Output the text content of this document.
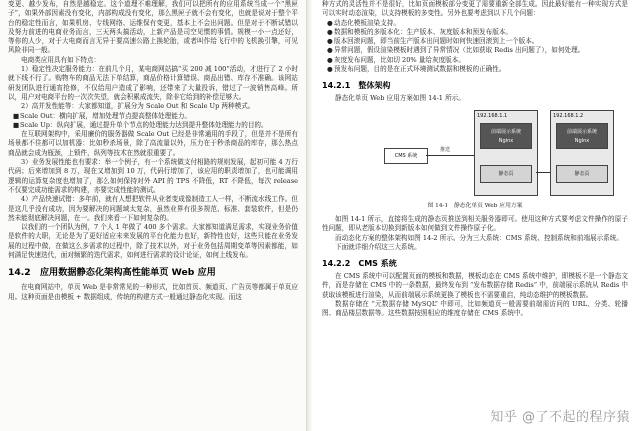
变更、越少发布，自然是越稳定。这个道理不难理解，我们可以把所有的应用系统当成一个“黑匣子”，如果外部因素没有变化，内部构成没有变化，那么黑匣子就不会有变化，也就是说对于整个平台的稳定性而言，如果机房、专线网络、运维保有变更，基本上不会出问题。但是对于不断试错以及努力前进的电商业务而言，三天两头搞活动，上新产品是司空见惯的事情。规模一小一点还好，等你的人少，对于大电商而言无异于要高速公路上换轮胎，或者叫作给飞行中的飞机换引擎，可见风险非同一般。

电商类应用具有如下特点：

1）稳定性决定服务能力：在前几个月，某电商网站搞“买 200 减 100”活动，才进行了 2 小时就下线不行了。购物车的商品无法下单结算，商品价格计算错误、商品出错、库存不准确。该网站研发团队进行通宵抢修，不仅给用户造成了影响，还带来了大量投诉，错过了一波销售高峰。所以，用户对电商平台的一次次失望，就会积累成流失，除非它给到的补偿足够大。

2）高并发性能等：大家都知道，扩展分为 Scale Out 和 Scale Up 两种模式。

■Scale Out：横向扩展，增加处理节点提高整体处理能力。

■Scale Up：纵向扩展，通过提升单个节点的处理能力达到提升整体处理能力的目的。

在互联网架构中，采用廉价的服务器做 Scale Out 已经是非常通用的手段了，但是并不是所有场景都不住都可以加机器：比如秒杀场景，除了高流量以外，压力在于秒杀商品的库存，那么热点商品就会成为瓶颈，上锁件，纵列等技术在然就很重要了。

3）业务发展性能也有要求：举一个例子，有一个系统做支付相路的规则发展，起初可能 4 万行代码；后来增加到 8 万，现在又增加到 10 万，代码行增加了，该应用的职责增加了，也可能调用逻辑的运算复杂度也增加了，那么如何保持对外 API 的 TPS 不降低，RT 不降低，每次 release 不仅要完成功能需求的构建，亦要完成性能的测试。

4）产品快速试错：多年前，就有人想把软件从业者变成像制造工人一样，不断流水线工作。但是这几乎没有成功，因为要解决的问题域太复杂，虽然业界有很多规范、标准、套装软件，但是仍然未能彻底解决问题，在一。我们来看一下如何复杂的。

以我们的一个团队为例，7 个人 1 年做了 400 多个需求。大家都知道满足需求，实现业务价值是软件的大职，无论是为了更好适应未来发展的平台化能力也好，新特性也好，这些只能在业务发展的过程中做，在做这么多需求的过程中，除了技术以外，对于业务包括周期变革等因素都能，如何满足快速迭代，面对频繁的迭代需求，如何进行需求的设计论证，如何上线发布。

14.2　应用数据静态化架构高性能单页 Web 应用

在电商网站中，单页 Web 是非常常见的一种形式，比如首页、频道页、广告页等都属于单页应用。这种页面是由模板 + 数据组成，传统的构建方式一般通过静态化实现。而这

种方式的灵活性并不是很好，比如页面模板部分变更了需要重新全部生成。因此最好能有一种实现方式是可以实时动态渲染，以支持模板的多变性。另外也要考虑到以下几个问题：

●动态化模板渲染支持。

●数据和模板的多版本化：生产版本、灰度版本和预发布版本。

●版本回滚问题，即当前生产版本出问题时如何快速回滚到上一个版本。

●异常问题，假设渲染模板时遇到了异常情况（比如获取 Redis 出问题了），如何处理。

●灰度发布问题，比如切 20% 量给灰度版本。

●预发布问题，目的是在正式环境测试数据和模板的正确性。

14.2.1　整体架构

静态化单页 Web 应用方案如图 14-1 所示。

CMS 系统
推送
192.168.1.1
前端展示系统
Nginx
静态页
192.168.1.2
前端展示系统
Nginx
静态页

图 14-1　静态化单页 Web 应用方案

如图 14-1 所示，直接将生成的静态页推送到相关服务器即可。使用这种方式要考虑文件操作的原子性问题，即从老版本切换到新版本如何做到文件操作原子化。

而动态化方案的整体架构如图 14-2 所示。分为三大系统：CMS 系统、控制系统和前端展示系统。

下面就详细介绍这三大系统。

14.2.2　CMS 系统

在 CMS 系统中可以配置页面的模板和数据，模板动态在 CMS 系统中维护，即模板不是一个静态文件，而是存储在 CMS 中的一条数据，最终发布到 “发布数据存储 Redis” 中，前端展示系统从 Redis 中获取该模板进行渲染，从而前端展示系统更换了模板也不需要重启，纯动态维护的模板数据。

数据存储在 “元数据存储 MySQL” 中即可，比如频道页一般需要前端需访问的 URL、分类、轮播图、商品楼层数据等。这些数据按照相应的维度存储在 CMS 系统中。

知乎 @了不起的程序猿
